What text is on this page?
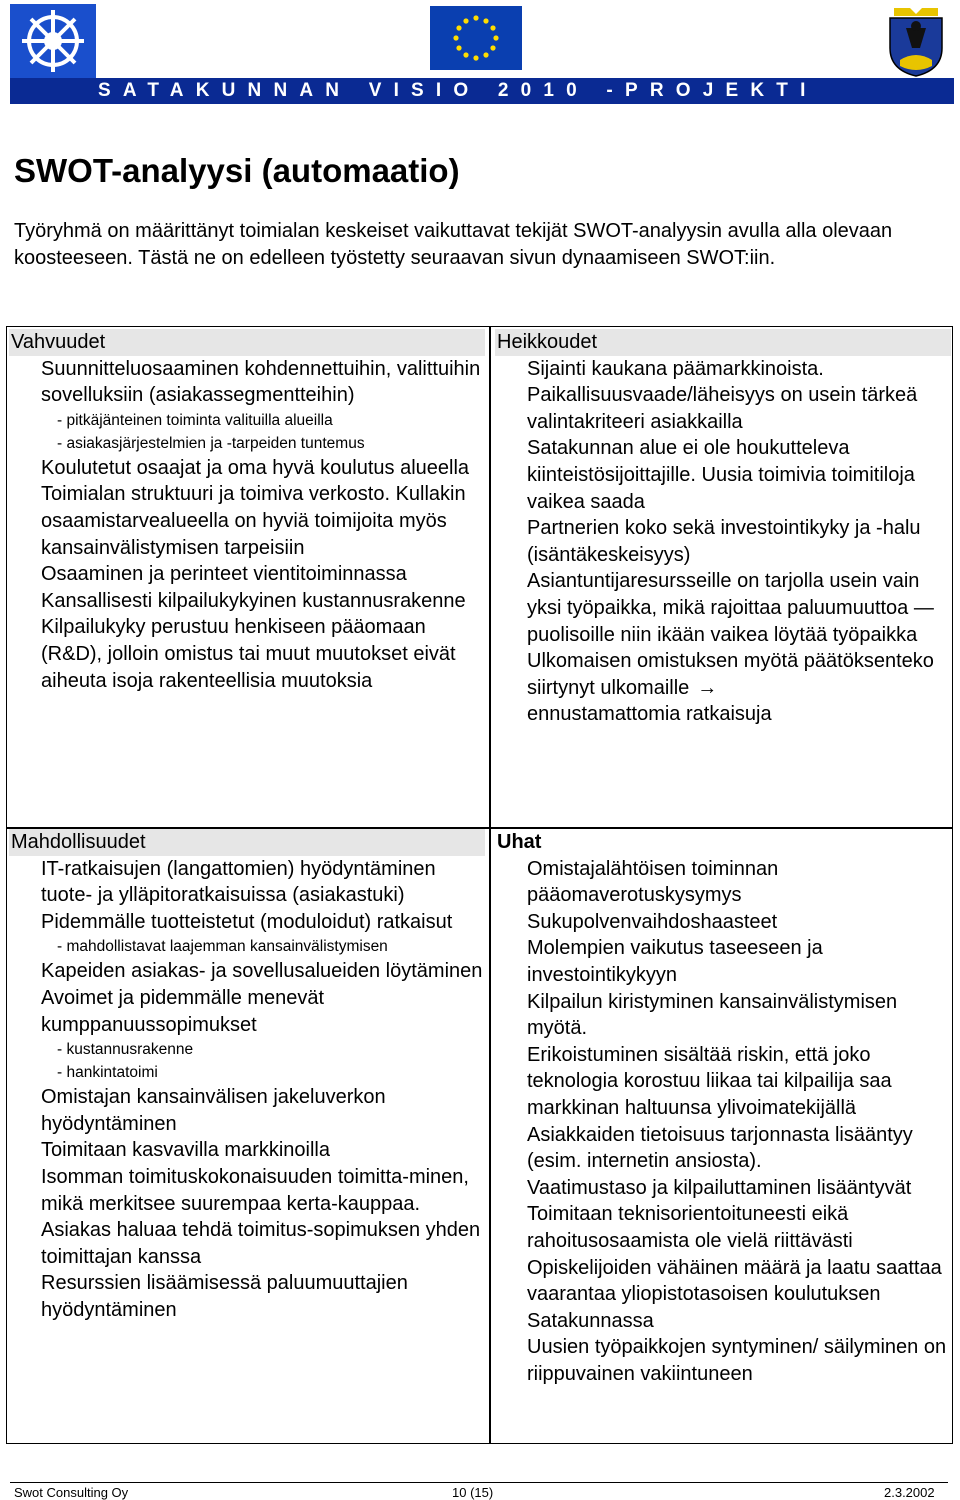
SATAKUNNAN VISIO 2010 -PROJEKTI
SWOT-analyysi (automaatio)

Työryhmä on määrittänyt toimialan keskeiset vaikuttavat tekijät SWOT-analyysin avulla alla olevaan koosteeseen. Tästä ne on edelleen työstetty seuraavan sivun dynaamiseen SWOT:iin.

Vahvuudet
Suunnitteluosaaminen kohdennettuihin, valittuihin sovelluksiin (asiakassegmentteihin)
- pitkäjänteinen toiminta valituilla alueilla
- asiakasjärjestelmien ja -tarpeiden tuntemus
Koulutetut osaajat ja oma hyvä koulutus alueella
Toimialan struktuuri ja toimiva verkosto. Kullakin osaamistarvealueella on hyviä toimijoita myös kansainvälistymisen tarpeisiin
Osaaminen ja perinteet vientitoiminnassa
Kansallisesti kilpailukykyinen kustannusrakenne
Kilpailukyky perustuu henkiseen pääomaan (R&D), jolloin omistus tai muut muutokset eivät aiheuta isoja rakenteellisia muutoksia
Heikkoudet
Sijainti kaukana päämarkkinoista.
Paikallisuusvaade/läheisyys on usein tärkeä valintakriteeri asiakkailla
Satakunnan alue ei ole houkutteleva kiinteistösijoittajille. Uusia toimivia toimitiloja vaikea saada
Partnerien koko sekä investointikyky ja -halu (isäntäkeskeisyys)
Asiantuntijaresursseille on tarjolla usein vain yksi työpaikka, mikä rajoittaa paluumuuttoa — puolisoille niin ikään vaikea löytää työpaikka
Ulkomaisen omistuksen myötä päätöksenteko siirtynyt ulkomaille →
ennustamattomia ratkaisuja
Mahdollisuudet
IT-ratkaisujen (langattomien) hyödyntäminen tuote- ja ylläpitoratkaisuissa (asiakastuki)
Pidemmälle tuotteistetut (moduloidut) ratkaisut
- mahdollistavat laajemman kansainvälistymisen
Kapeiden asiakas- ja sovellusalueiden löytäminen
Avoimet ja pidemmälle menevät kumppanuussopimukset
- kustannusrakenne
- hankintatoimi
Omistajan kansainvälisen jakeluverkon hyödyntäminen
Toimitaan kasvavilla markkinoilla
Isomman toimituskokonaisuuden toimitta-minen, mikä merkitsee suurempaa kerta-kauppaa. Asiakas haluaa tehdä toimitus-sopimuksen yhden toimittajan kanssa
Resurssien lisäämisessä paluumuuttajien hyödyntäminen
Uhat
Omistajalähtöisen toiminnan pääomaverotuskysymys
Sukupolvenvaihdoshaasteet
Molempien vaikutus taseeseen ja investointikykyyn
Kilpailun kiristyminen kansainvälistymisen myötä.
Erikoistuminen sisältää riskin, että joko teknologia korostuu liikaa tai kilpailija saa markkinan haltuunsa ylivoimatekijällä
Asiakkaiden tietoisuus tarjonnasta lisääntyy (esim. internetin ansiosta).
Vaatimustaso ja kilpailuttaminen lisääntyvät
Toimitaan teknisorientoituneesti eikä rahoitusosaamista ole vielä riittävästi
Opiskelijoiden vähäinen määrä ja laatu saattaa vaarantaa yliopistotasoisen koulutuksen Satakunnassa
Uusien työpaikkojen syntyminen/ säilyminen on riippuvainen vakiintuneen
Swot Consulting Oy	10 (15)	2.3.2002
